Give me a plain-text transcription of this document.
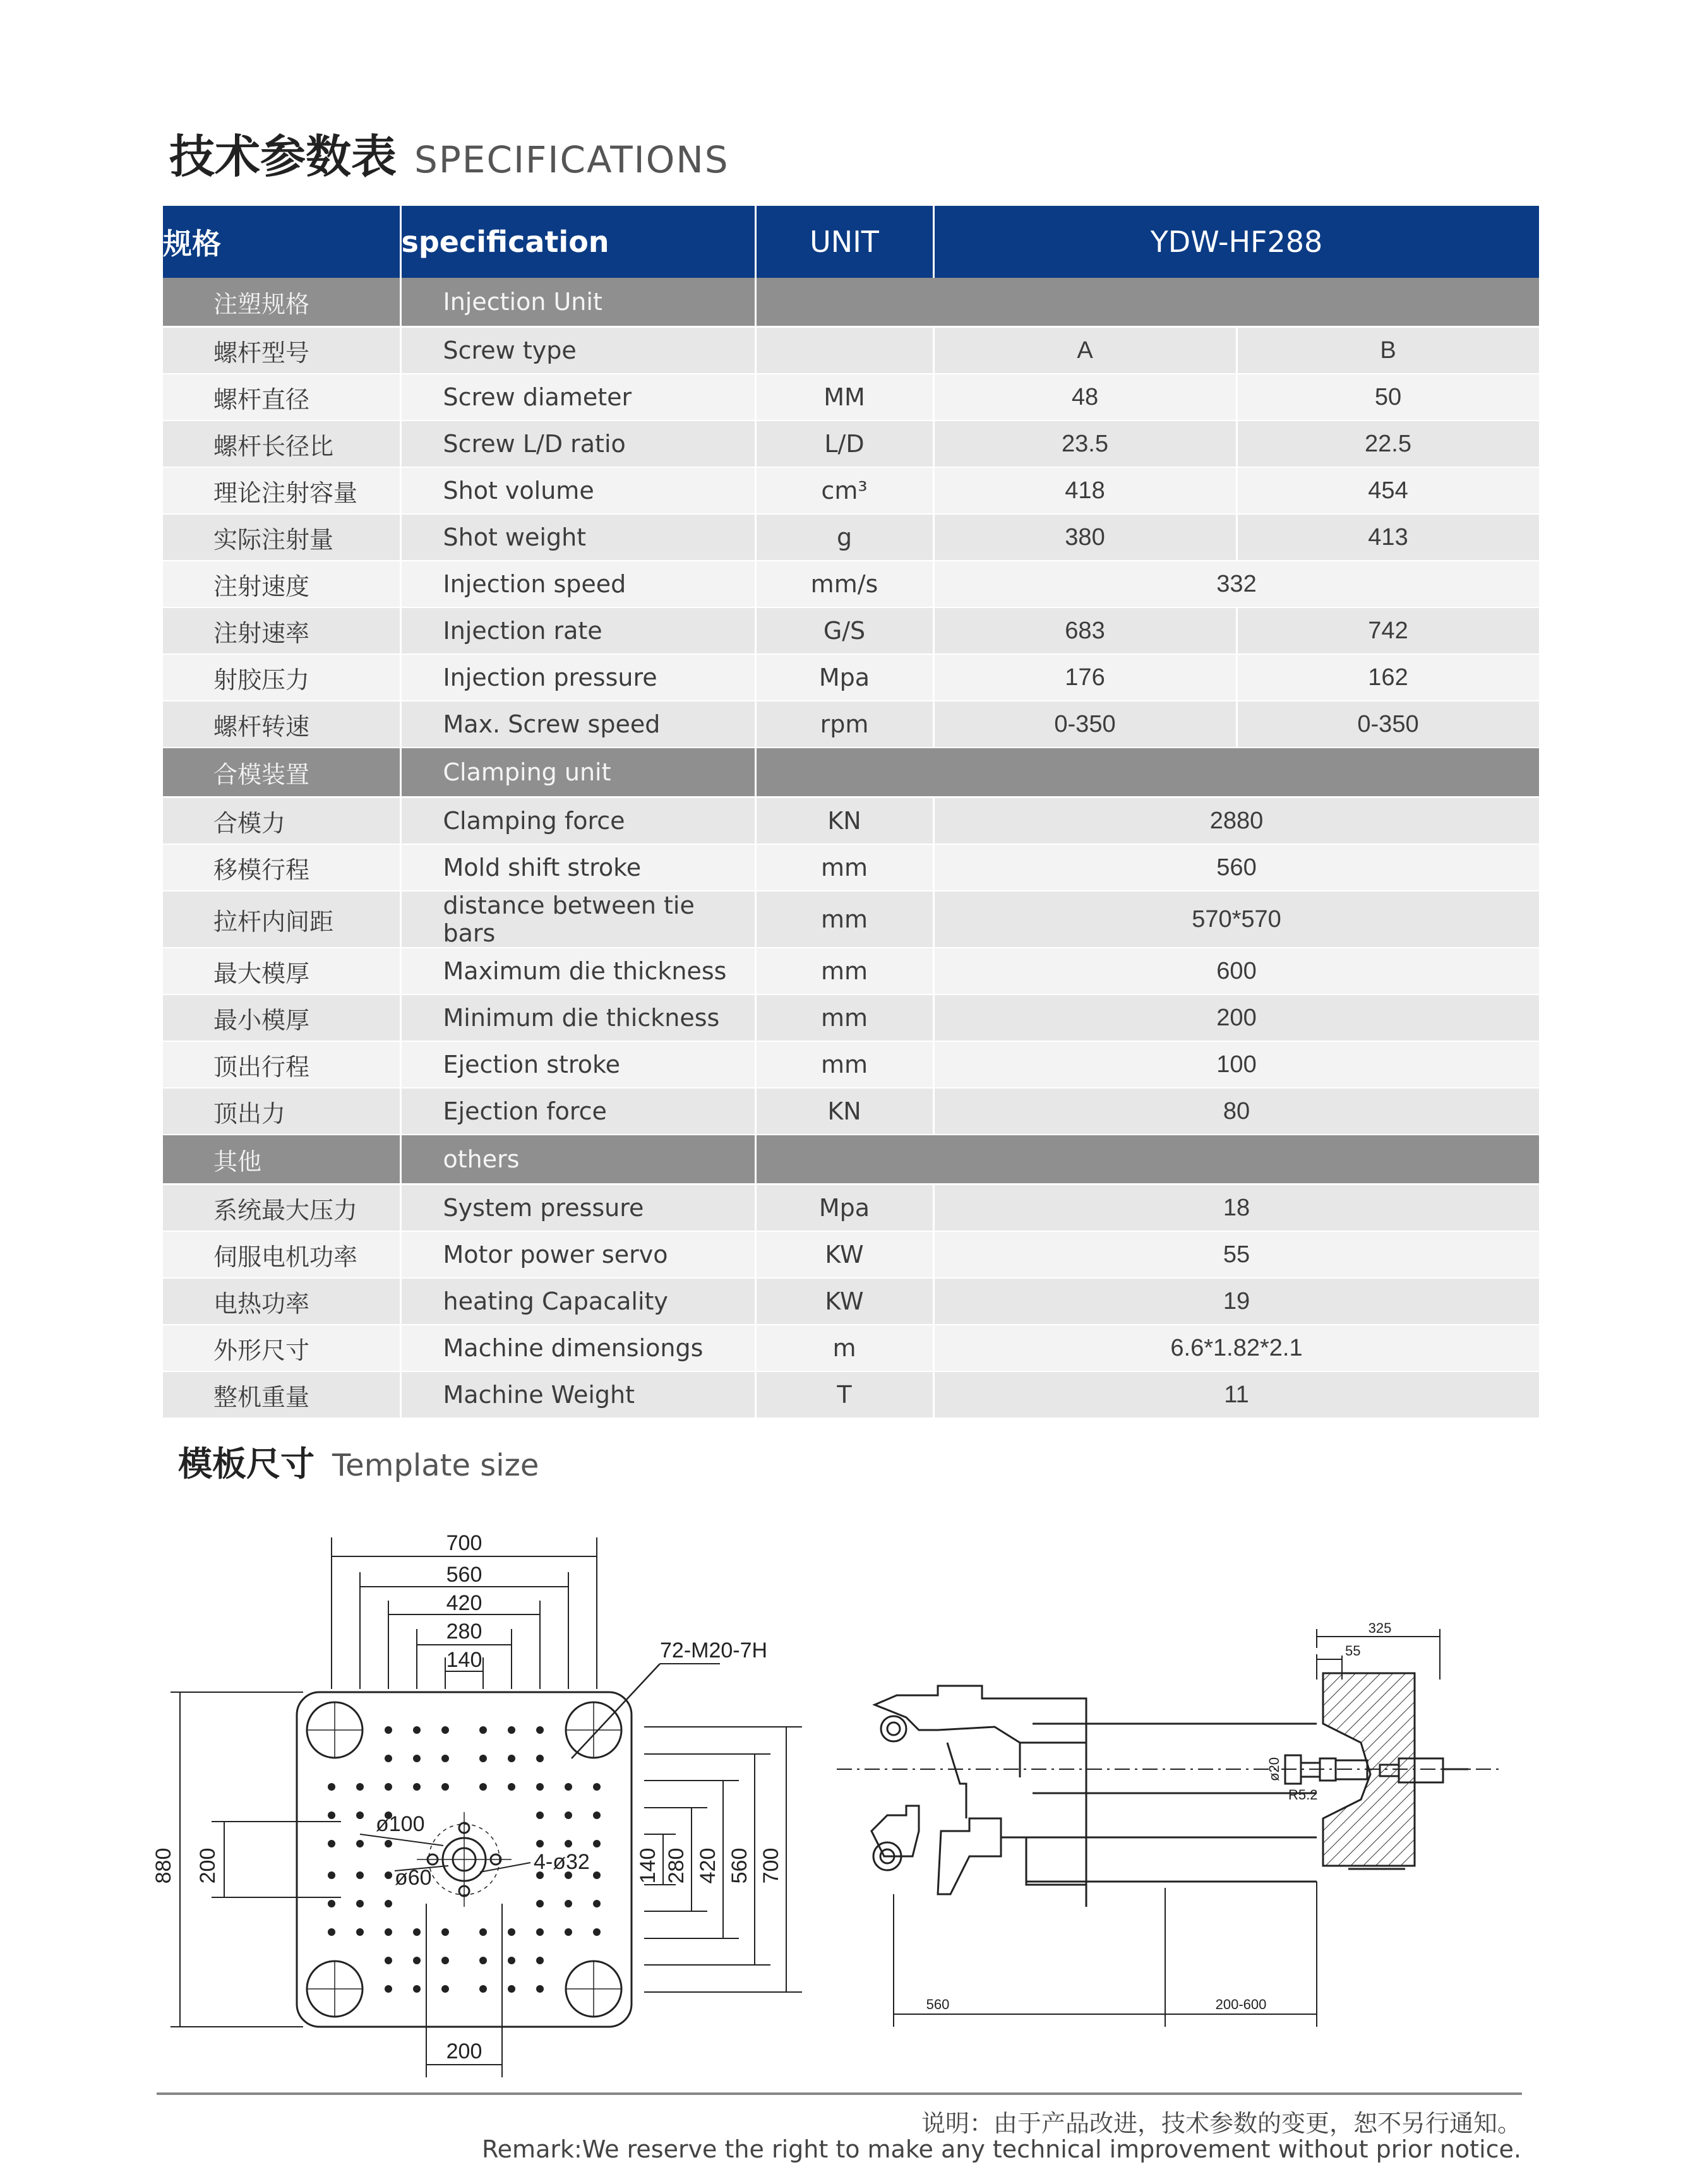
技术参数表 SPECIFICATIONS
规格	specification	UNIT	YDW-HF288	
注塑规格	Injection Unit			
螺杆型号	Screw type		A	B
螺杆直径	Screw diameter	MM	48	50
螺杆长径比	Screw L/D ratio	L/D	23.5	22.5
理论注射容量	Shot volume	cm³	418	454
实际注射量	Shot weight	g	380	413
注射速度	Injection speed	mm/s	332	
注射速率	Injection rate	G/S	683	742
射胶压力	Injection pressure	Mpa	176	162
螺杆转速	Max. Screw speed	rpm	0-350	0-350
合模装置	Clamping unit			
合模力	Clamping force	KN	2880	
移模行程	Mold shift stroke	mm	560	
拉杆内间距	distance between tie bars	mm	570*570	
最大模厚	Maximum die thickness	mm	600	
最小模厚	Minimum die thickness	mm	200	
顶出行程	Ejection stroke	mm	100	
顶出力	Ejection force	KN	80	
其他	others			
系统最大压力	System pressure	Mpa	18	
伺服电机功率	Motor power servo	KW	55	
电热功率	heating Capacality	KW	19	
外形尺寸	Machine dimensiongs	m	6.6*1.82*2.1	
整机重量	Machine Weight	T	11	
模板尺寸 Template size
700
560
420
280
140
880 200	140 280 420 560 700
200
72-M20-7H
4-ø32
ø100
ø60
325
55
ø20
R5.2
560	200-600
说明：由于产品改进，技术参数的变更，恕不另行通知。
Remark:We reserve the right to make any technical improvement without prior notice.
